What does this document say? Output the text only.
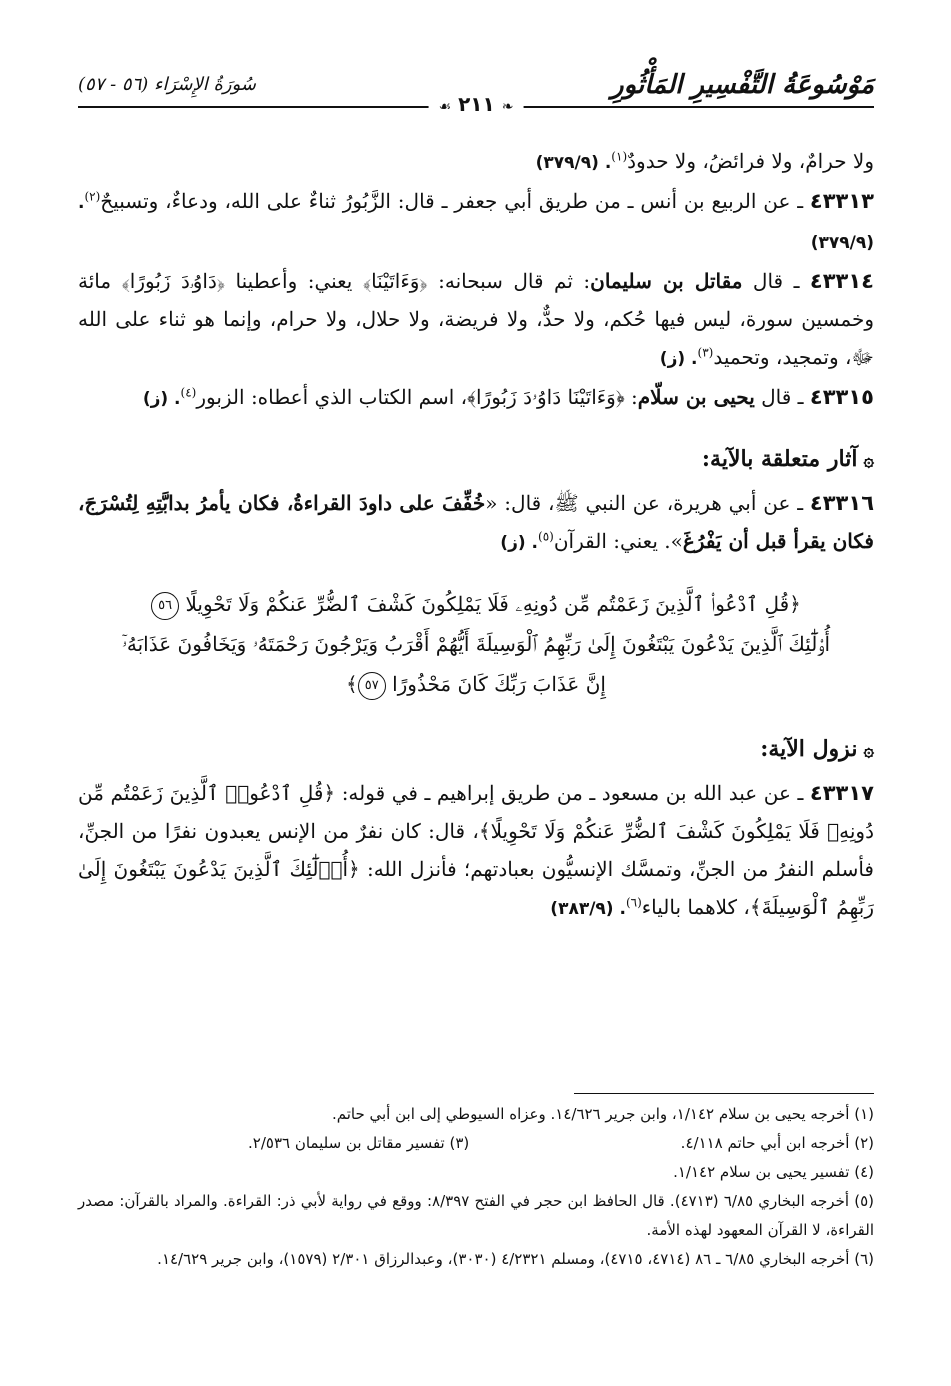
مَوْسُوعَةُ التَّفْسِيرِ المَأْثُورِ
سُورَةُ الإِسْرَاء (٥٦ - ٥٧)
❧ ٢١١ ☙

ولا حرامٌ، ولا فرائضُ، ولا حدودٌ$^{(١)}$. (٣٧٩/٩)

٤٣٣١٣ ـ عن الربيع بن أنس ـ من طريق أبي جعفر ـ قال: الزَّبُورُ ثناءٌ على الله، ودعاءٌ، وتسبيحٌ$^{(٢)}$. (٣٧٩/٩)

٤٣٣١٤ ـ قال مقاتل بن سليمان: ثم قال سبحانه: ﴿وَءَاتَيْنَا﴾ يعني: وأعطينا ﴿دَاوُۥدَ زَبُورًا﴾ مائة وخمسين سورة، ليس فيها حُكم، ولا حدٌّ، ولا فريضة، ولا حلال، ولا حرام، وإنما هو ثناء على الله ﷻ، وتمجيد، وتحميد$^{(٣)}$. (ز)

٤٣٣١٥ ـ قال يحيى بن سلّام: ﴿وَءَاتَيْنَا دَاوُۥدَ زَبُورًا﴾، اسم الكتاب الذي أعطاه: الزبور$^{(٤)}$. (ز)

۞آثار متعلقة بالآية:

٤٣٣١٦ ـ عن أبي هريرة، عن النبي ﷺ، قال: «خُفِّفَ على داودَ القراءةُ، فكان يأمرُ بدابَّتِهِ لِتُسْرَجَ، فكان يقرأ قبل أن يَفْرُغَ». يعني: القرآن$^{(٥)}$. (ز)

﴿قُلِ ٱدْعُوا۟ ٱلَّذِينَ زَعَمْتُم مِّن دُونِهِۦ فَلَا يَمْلِكُونَ كَشْفَ ٱلضُّرِّ عَنكُمْ وَلَا تَحْوِيلًا ٥٦
أُو۟لَٰٓئِكَ ٱلَّذِينَ يَدْعُونَ يَبْتَغُونَ إِلَىٰ رَبِّهِمُ ٱلْوَسِيلَةَ أَيُّهُمْ أَقْرَبُ وَيَرْجُونَ رَحْمَتَهُۥ وَيَخَافُونَ عَذَابَهُۥٓ
إِنَّ عَذَابَ رَبِّكَ كَانَ مَحْذُورًا ٥٧﴾
۞نزول الآية:

٤٣٣١٧ ـ عن عبد الله بن مسعود ـ من طريق إبراهيم ـ في قوله: ﴿قُلِ ٱدْعُوا۟ ٱلَّذِينَ زَعَمْتُم مِّن دُونِهِۦ فَلَا يَمْلِكُونَ كَشْفَ ٱلضُّرِّ عَنكُمْ وَلَا تَحْوِيلًا﴾، قال: كان نفرٌ من الإنس يعبدون نفرًا من الجنِّ، فأسلم النفرُ من الجنِّ، وتمسَّك الإنسيُّون بعبادتهم؛ فأنزل الله: ﴿أُو۟لَٰٓئِكَ ٱلَّذِينَ يَدْعُونَ يَبْتَغُونَ إِلَىٰ رَبِّهِمُ ٱلْوَسِيلَةَ﴾، كلاهما بالياء$^{(٦)}$. (٣٨٣/٩)

(١) أخرجه يحيى بن سلام ١/١٤٢، وابن جرير ١٤/٦٢٦. وعزاه السيوطي إلى ابن أبي حاتم.
(٢) أخرجه ابن أبي حاتم ٤/١١٨.
(٣) تفسير مقاتل بن سليمان ٢/٥٣٦.
(٤) تفسير يحيى بن سلام ١/١٤٢.
(٥) أخرجه البخاري ٦/٨٥ (٤٧١٣). قال الحافظ ابن حجر في الفتح ٨/٣٩٧: ووقع في رواية لأبي ذر: القراءة. والمراد بالقرآن: مصدر القراءة، لا القرآن المعهود لهذه الأمة.
(٦) أخرجه البخاري ٦/٨٥ ـ ٨٦ (٤٧١٤، ٤٧١٥)، ومسلم ٤/٢٣٢١ (٣٠٣٠)، وعبدالرزاق ٢/٣٠١ (١٥٧٩)، وابن جرير ١٤/٦٢٩.
